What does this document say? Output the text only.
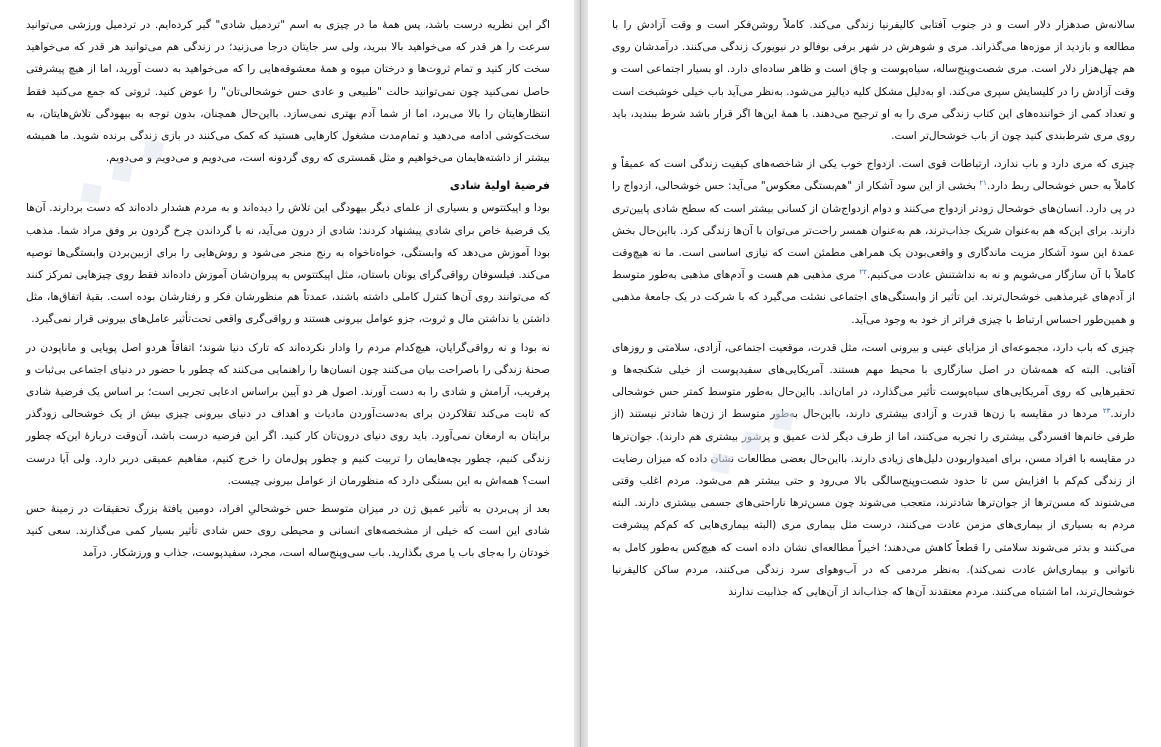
اگر این نظریه درست باشد، پس همهٔ ما در چیزی به اسم "تردمیل شادی" گیر کرده‌ایم. در تردمیل ورزشی می‌توانید سرعت را هر قدر که می‌خواهید بالا ببرید، ولی سر جایتان درجا می‌زنید؛ در زندگی هم می‌توانید هر قدر که می‌خواهید سخت کار کنید و تمام ثروت‌ها و درختان میوه و همهٔ معشوقه‌هایی را که می‌خواهید به دست آورید، اما از هیچ پیشرفتی حاصل نمی‌کنید چون نمی‌توانید حالت "طبیعی و عادی حس خوشحالی‌تان" را عوض کنید. ثروتی که جمع می‌کنید فقط انتظارهایتان را بالا می‌برد، اما از شما آدم بهتری نمی‌سازد. بااین‌حال همچنان، بدون توجه به بیهودگی تلاش‌هایتان، به سخت‌کوشی ادامه می‌دهید و تمام‌مدت مشغول کارهایی هستید که کمک می‌کنند در بازی زندگی برنده شوید. ما همیشه بیشتر از داشته‌هایمان می‌خواهیم و مثل هَمستری که روی گردونه است، می‌دویم و می‌دویم و می‌دویم.

فرضیهٔ اولیهٔ شادی

بودا و اپیکتتوس و بسیاری از علمای دیگر بیهودگی این تلاش را دیده‌اند و به مردم هشدار داده‌اند که دست بردارند. آن‌ها یک فرضیهٔ خاص برای شادی پیشنهاد کردند: شادی از درون می‌آید، نه با گرداندن چرخ گردون بر وفق مراد شما. مذهب بودا آموزش می‌دهد که وابستگی، خواه‌ناخواه به رنج منجر می‌شود و روش‌هایی را برای ازبین‌بردن وابستگی‌ها توصیه می‌کند. فیلسوفان رواقی‌گرای یونان باستان، مثل اپیکتتوس به پیروان‌شان آموزش داده‌اند فقط روی چیزهایی تمرکز کنند که می‌توانند روی آن‌ها کنترل کاملی داشته باشند، عمدتاً هم منظورشان فکر و رفتارشان بوده است. بقیهٔ اتفاق‌ها، مثل داشتن یا نداشتن مال و ثروت، جزو عوامل بیرونی هستند و رواقی‌گری واقعی تحت‌تأثیر عامل‌های بیرونی قرار نمی‌گیرد.

نه بودا و نه رواقی‌گرایان، هیچ‌کدام مردم را وادار نکرده‌اند که تارک دنیا شوند؛ اتفاقاً هردو اصل پویایی و ماناپودن در صحنهٔ زندگی را باصراحت بیان می‌کنند چون انسان‌ها را راهنمایی می‌کنند که چطور با حضور در دنیای اجتماعی بی‌ثبات و پرفریب، آرامش و شادی را به دست آورند. اصول هر دو آیین براساس ادعایی تجربی است؛ بر اساس یک فرضیهٔ شادی که ثابت می‌کند تقلاکردن برای به‌دست‌آوردن مادیات و اهداف در دنیای بیرونی چیزی بیش از یک خوشحالی زودگذر برایتان به ارمغان نمی‌آورد. باید روی دنیای درون‌تان کار کنید. اگر این فرضیه درست باشد، آن‌وقت دربارهٔ این‌که چطور زندگی کنیم، چطور بچه‌هایمان را تربیت کنیم و چطور پول‌مان را خرج کنیم، مفاهیم عمیقی دربر دارد. ولی آیا درست است؟ همه‌اش به این بستگی دارد که منظورمان از عوامل بیرونی چیست.

بعد از پی‌بردن به تأثیر عمیق ژن در میزان متوسط حس خوشحالیِ افراد، دومین یافتهٔ بزرگ تحقیقات در زمینهٔ حس شادی این است که خیلی از مشخصه‌های انسانی و محیطی روی حس شادی تأثیر بسیار کمی می‌گذارند. سعی کنید خودتان را به‌جای باب یا مری بگذارید. باب سی‌وپنج‌ساله است، مجرد، سفیدپوست، جذاب و ورزشکار. درآمد

سالانه‌ش صدهزار دلار است و در جنوب آفتابی کالیفرنیا زندگی می‌کند. کاملاً روشن‌فکر است و وقت آزادش را با مطالعه و بازدید از موزه‌ها می‌گذراند. مری و شوهرش در شهر برفی بوفالو در نیویورک زندگی می‌کنند. درآمدشان روی هم چهل‌هزار دلار است. مری شصت‌وپنج‌ساله، سیاه‌پوست و چاق است و ظاهر ساده‌ای دارد. او بسیار اجتماعی است و وقت آزادش را در کلیسایش سپری می‌کند. او به‌دلیل مشکل کلیه دیالیز می‌شود. به‌نظر می‌آید باب خیلی خوشبخت است و تعداد کمی از خواننده‌های این کتاب زندگی مری را به او ترجیح می‌دهند. با همهٔ این‌ها اگر قرار باشد شرط ببندید، باید روی مری شرط‌بندی کنید چون از باب خوشحال‌تر است.

چیزی که مری دارد و باب ندارد، ارتباطات قوی است. ازدواج خوب یکی از شاخصه‌های کیفیت زندگی است که عمیقاً و کاملاً به حس خوشحالی ربط دارد.۲۱ بخشی از این سود آشکار از "هم‌بستگی معکوس" می‌آید: حس خوشحالی، ازدواج را در پی دارد. انسان‌های خوشحال زودتر ازدواج می‌کنند و دوام ازدواج‌شان از کسانی بیشتر است که سطح شادی پایین‌تری دارند. برای این‌که هم به‌عنوان شریک جذاب‌ترند، هم به‌عنوان همسر راحت‌تر می‌توان با آن‌ها زندگی کرد. بااین‌حال بخش عمدهٔ این سود آشکار مزیت ماندگاری و واقعی‌بودن یک همراهی مطمئن است که نیازی اساسی است. ما نه هیچ‌وقت کاملاً با آن سازگار می‌شویم و نه به نداشتنش عادت می‌کنیم.۲۲ مری مذهبی هم هست و آدم‌های مذهبی به‌طور متوسط از آدم‌های غیرمذهبی خوشحال‌ترند. این تأثیر از وابستگی‌های اجتماعی نشئت می‌گیرد که با شرکت در یک جامعهٔ مذهبی و همین‌طور احساس ارتباط با چیزی فراتر از خود به وجود می‌آید.

چیزی که باب دارد، مجموعه‌ای از مزایای عینی و بیرونی است، مثل قدرت، موقعیت اجتماعی، آزادی، سلامتی و روزهای آفتابی. البته که همه‌شان در اصل سازگاری با محیط مهم هستند. آمریکایی‌های سفیدپوست از خیلی شکنجه‌ها و تحقیرهایی که روی آمریکایی‌های سیاه‌پوست تأثیر می‌گذارد، در امان‌اند. بااین‌حال به‌طور متوسط کمتر حس خوشحالی دارند.۲۳ مردها در مقایسه با زن‌ها قدرت و آزادی بیشتری دارند، بااین‌حال به‌طور متوسط از زن‌ها شادتر نیستند (از طرفی خانم‌ها افسردگی بیشتری را تجربه می‌کنند، اما از طرف دیگر لذت عمیق و پرشور بیشتری هم دارند). جوان‌ترها در مقایسه با افراد مسن، برای امیدواربودن دلیل‌های زیادی دارند. بااین‌حال بعضی مطالعات نشان داده که میزان رضایت از زندگی کم‌کم با افزایش سن تا حدود شصت‌وپنج‌سالگی بالا می‌رود و حتی بیشتر هم می‌شود. مردم اغلب وقتی می‌شنوند که مسن‌ترها از جوان‌ترها شادترند، متعجب می‌شوند چون مسن‌ترها ناراحتی‌های جسمی بیشتری دارند. البته مردم به بسیاری از بیماری‌های مزمن عادت می‌کنند، درست مثل بیماری مری (البته بیماری‌هایی که کم‌کم پیشرفت می‌کنند و بدتر می‌شوند سلامتی را قطعاً کاهش می‌دهند؛ اخیراً مطالعه‌ای نشان داده است که هیچ‌کس به‌طور کامل به ناتوانی و بیماری‌اش عادت نمی‌کند). به‌نظر مردمی که در آب‌وهوای سرد زندگی می‌کنند، مردم ساکن کالیفرنیا خوشحال‌ترند، اما اشتباه می‌کنند. مردم معتقدند آن‌ها که جذاب‌اند از آن‌هایی که جذابیت ندارند

◆ ◆ ◆
◆ ◆ ◆
